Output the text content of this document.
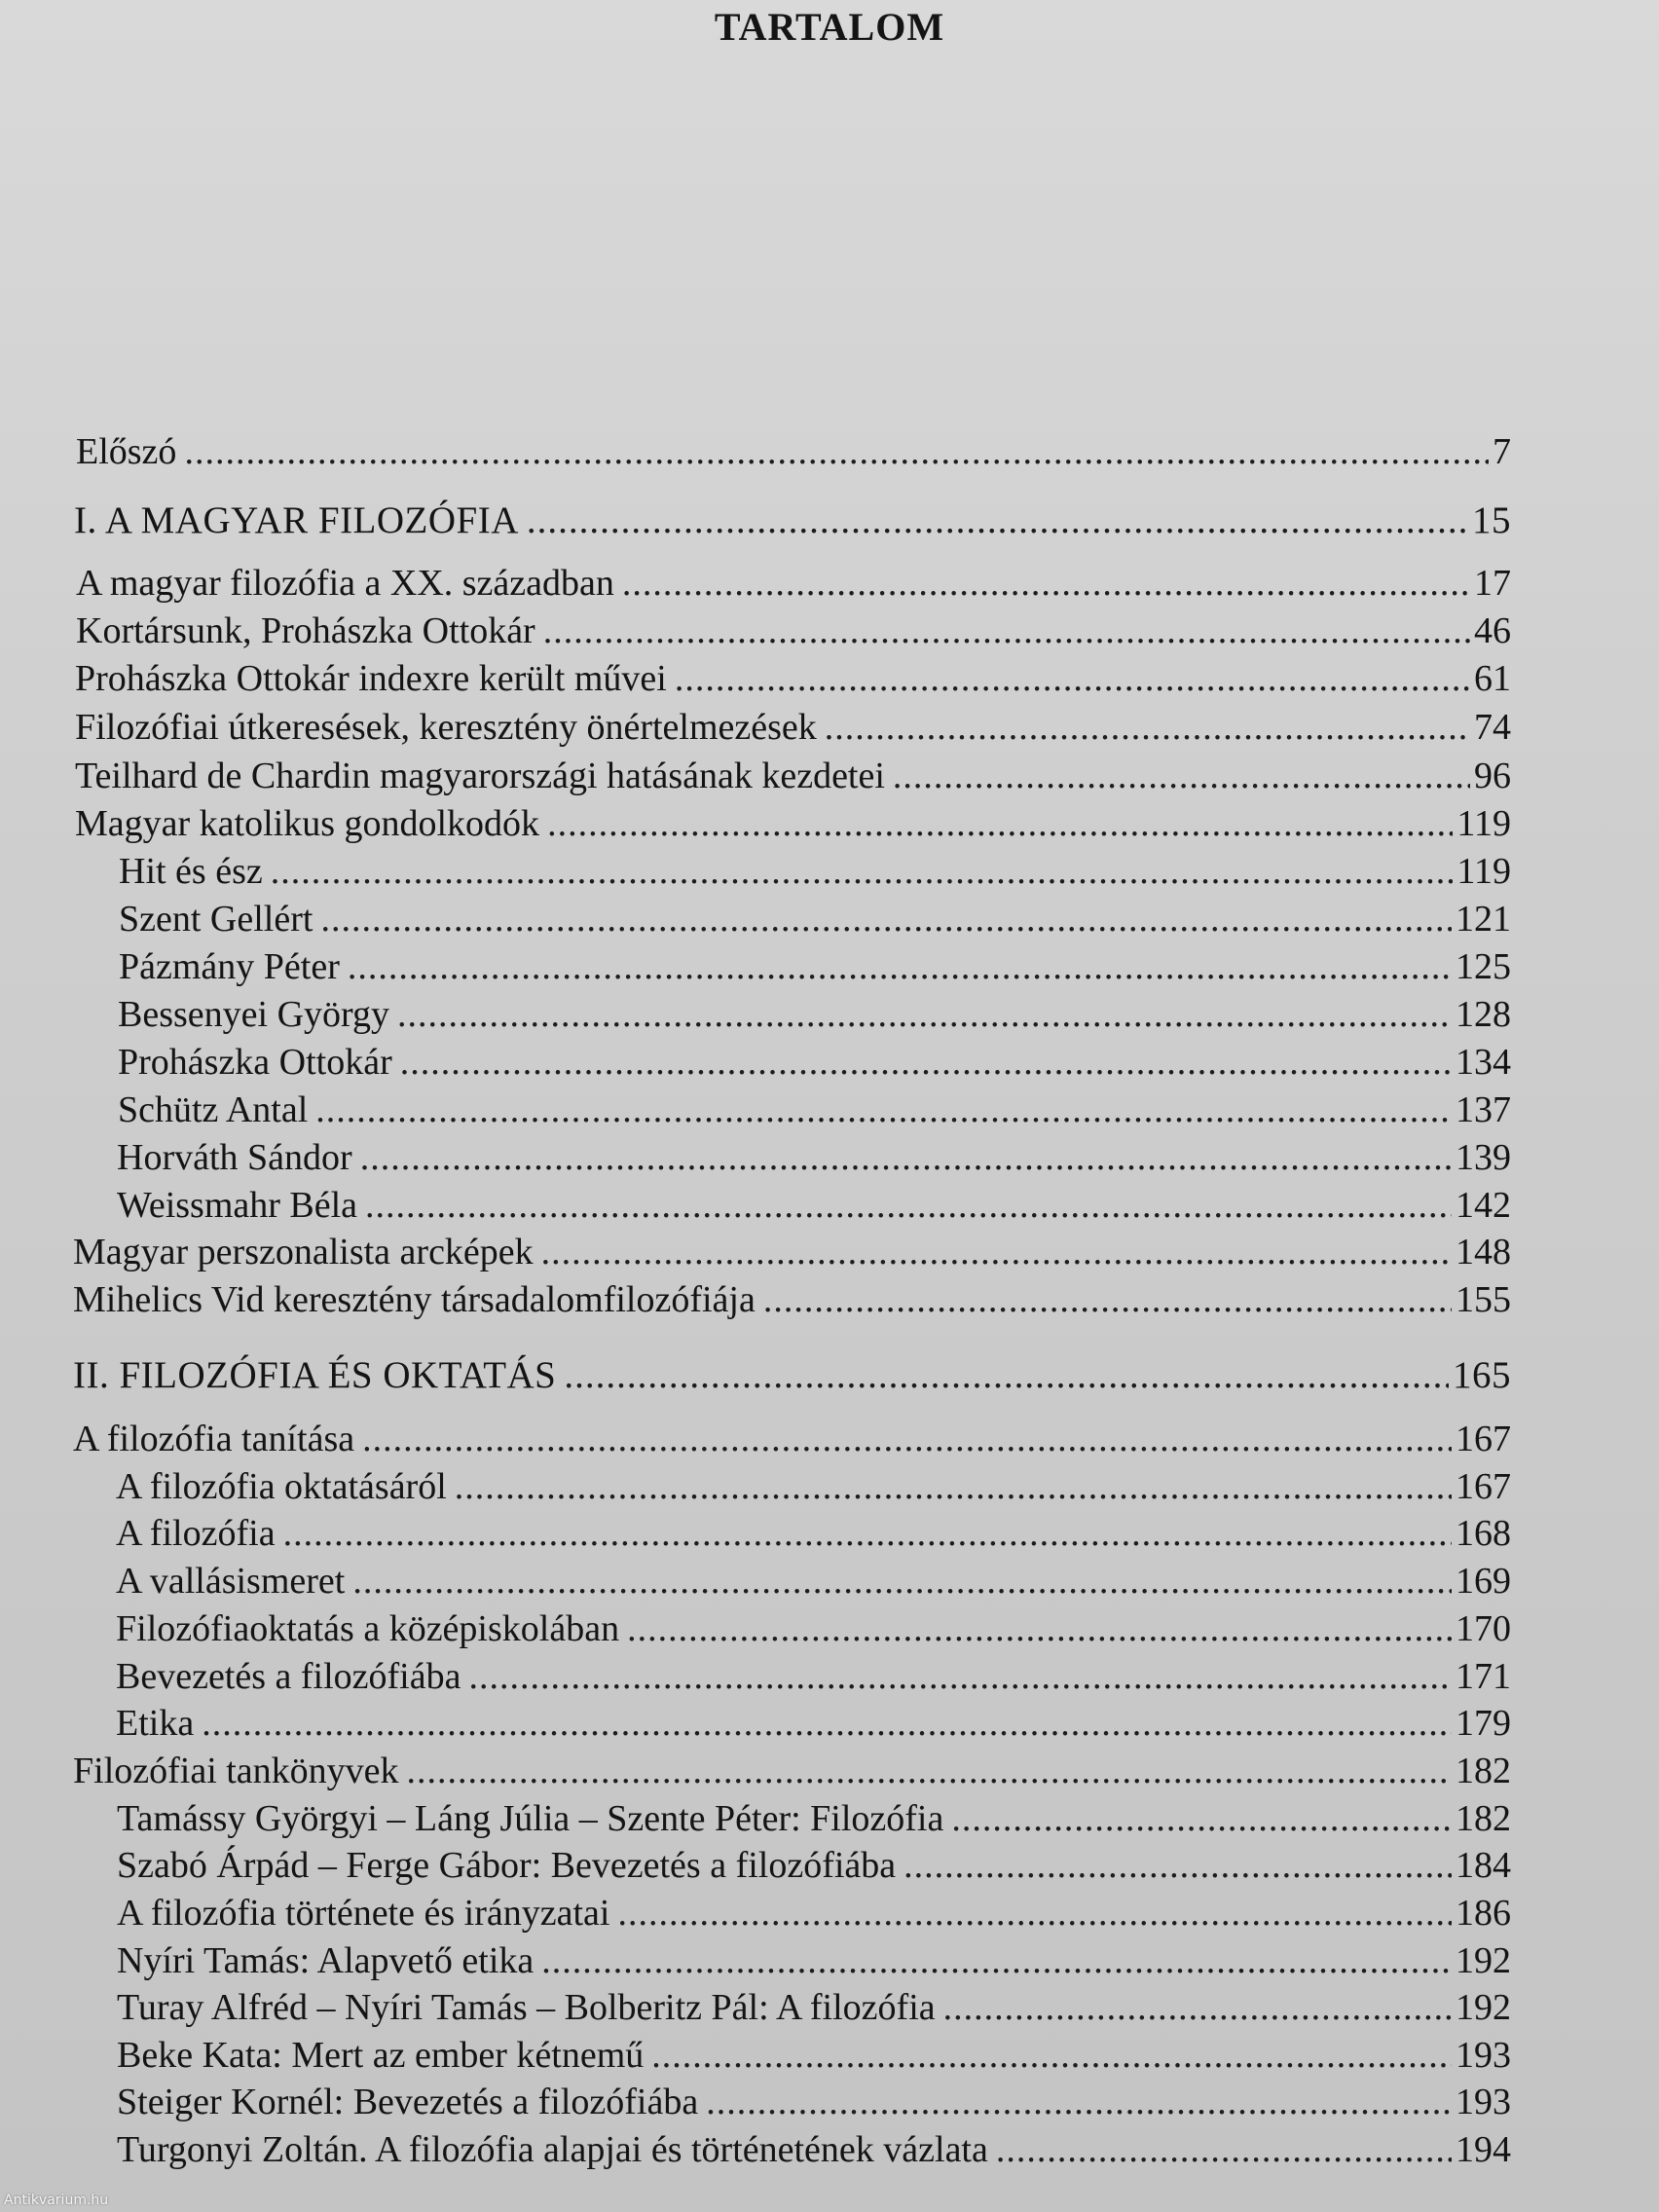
TARTALOM
Előszó .....	7
I. A MAGYAR FILOZÓFIA .....	15
A magyar filozófia a XX. században .....	17
Kortársunk, Prohászka Ottokár .....	46
Prohászka Ottokár indexre került művei .....	61
Filozófiai útkeresések, keresztény önértelmezések .....	74
Teilhard de Chardin magyarországi hatásának kezdetei .....	96
Magyar katolikus gondolkodók .....	119
Hit és ész .....	119
Szent Gellért .....	121
Pázmány Péter .....	125
Bessenyei György .....	128
Prohászka Ottokár .....	134
Schütz Antal .....	137
Horváth Sándor .....	139
Weissmahr Béla .....	142
Magyar perszonalista arcképek .....	148
Mihelics Vid keresztény társadalomfilozófiája .....	155
II. FILOZÓFIA ÉS OKTATÁS .....	165
A filozófia tanítása .....	167
A filozófia oktatásáról .....	167
A filozófia .....	168
A vallásismeret .....	169
Filozófiaoktatás a középiskolában .....	170
Bevezetés a filozófiába .....	171
Etika .....	179
Filozófiai tankönyvek .....	182
Tamássy Györgyi – Láng Júlia – Szente Péter: Filozófia .....	182
Szabó Árpád – Ferge Gábor: Bevezetés a filozófiába .....	184
A filozófia története és irányzatai .....	186
Nyíri Tamás: Alapvető etika .....	192
Turay Alfréd – Nyíri Tamás – Bolberitz Pál: A filozófia .....	192
Beke Kata: Mert az ember kétnemű .....	193
Steiger Kornél: Bevezetés a filozófiába .....	193
Turgonyi Zoltán. A filozófia alapjai és történetének vázlata .....	194
Antikvarium.hu
